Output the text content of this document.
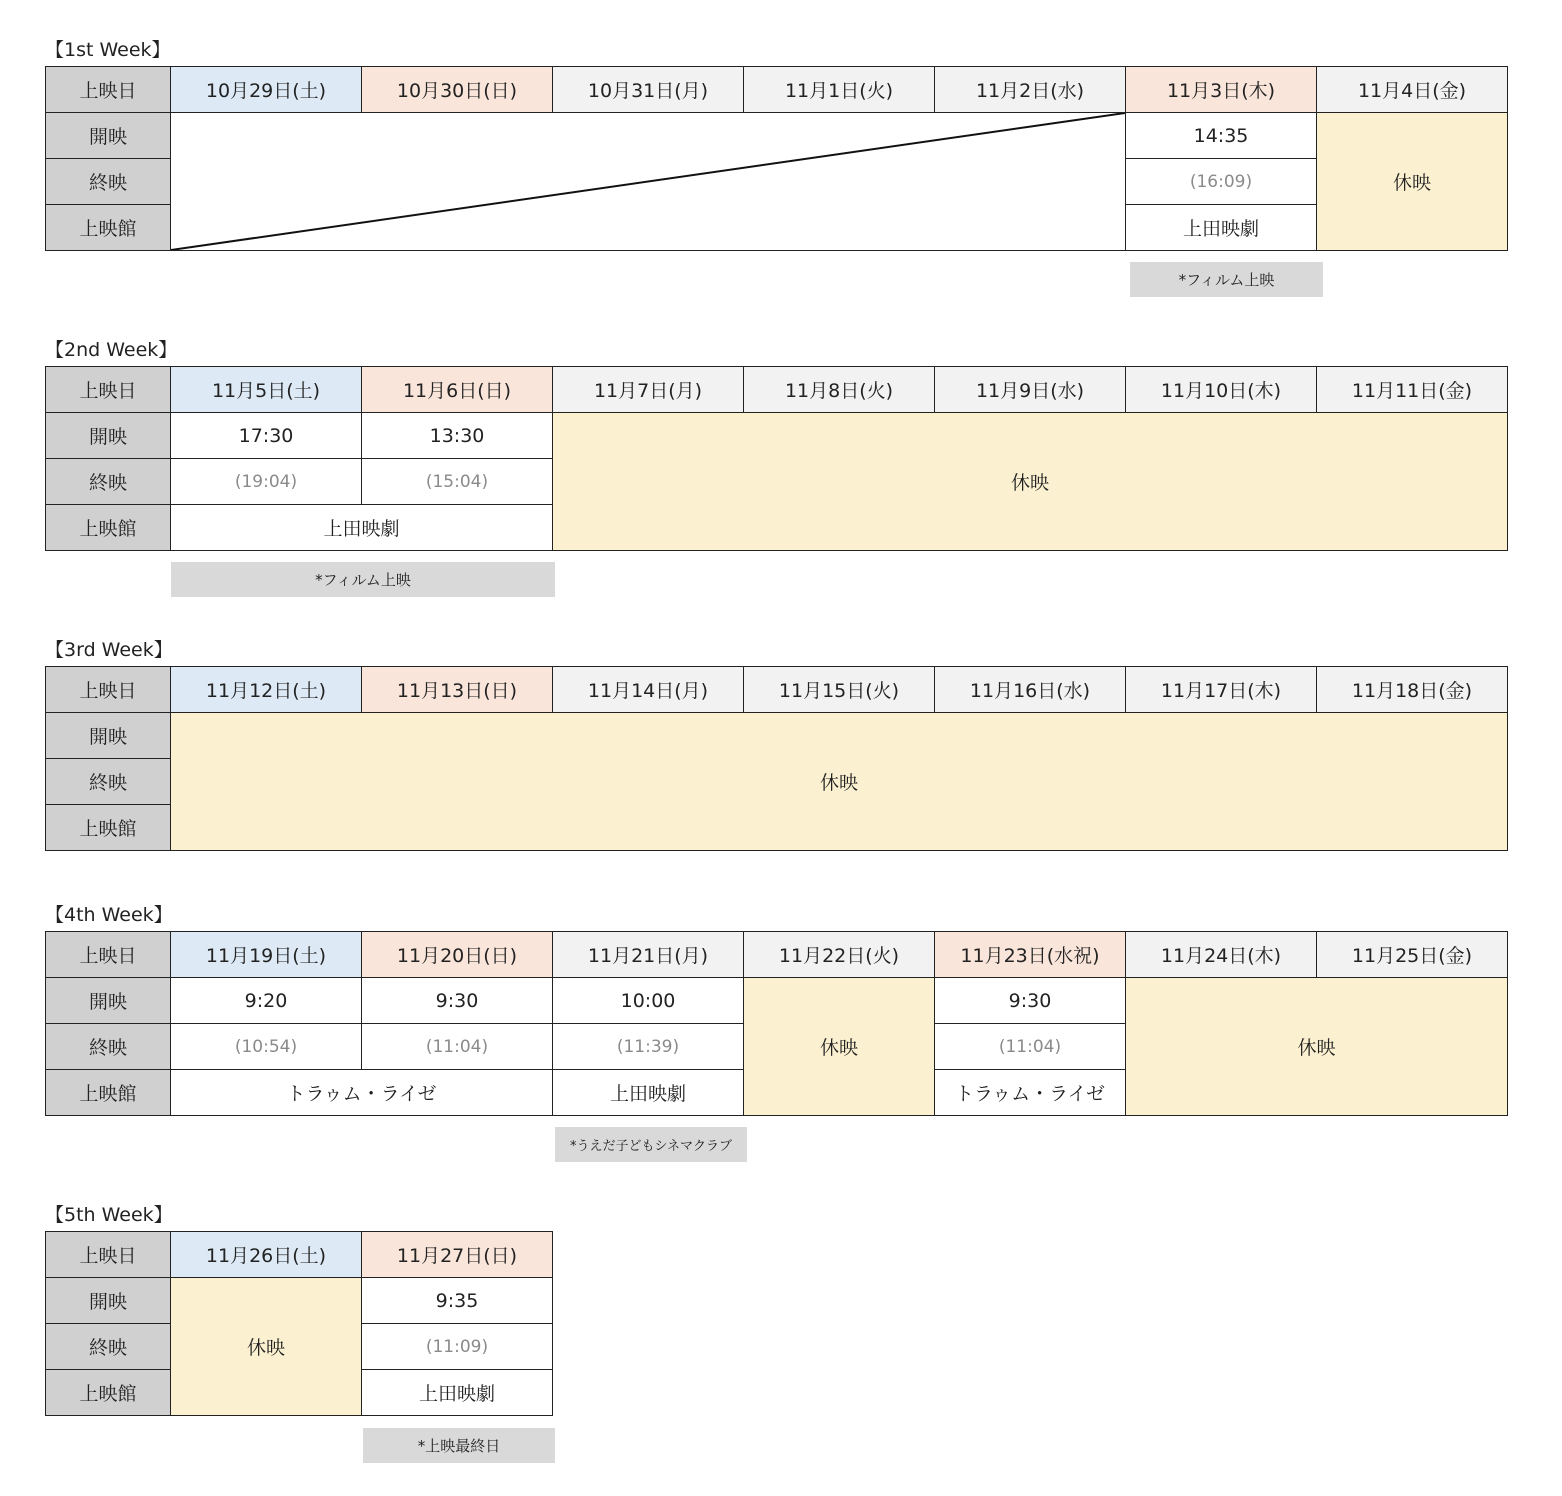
【1st Week】
上映日	10月29日(土)	10月30日(日)	10月31日(月)	11月1日(火)	11月2日(水)	11月3日(木)	11月4日(金)
開映						14:35	休映
終映						(16:09)	
上映館						上田映劇	
*フィルム上映
【2nd Week】
上映日	11月5日(土)	11月6日(日)	11月7日(月)	11月8日(火)	11月9日(水)	11月10日(木)	11月11日(金)
開映	17:30	13:30	休映				
終映	(19:04)	(15:04)					
上映館	上田映劇						
*フィルム上映
【3rd Week】
上映日	11月12日(土)	11月13日(日)	11月14日(月)	11月15日(火)	11月16日(水)	11月17日(木)	11月18日(金)
開映	休映						
終映							
上映館							
【4th Week】
上映日	11月19日(土)	11月20日(日)	11月21日(月)	11月22日(火)	11月23日(水祝)	11月24日(木)	11月25日(金)
開映	9:20	9:30	10:00	休映	9:30	休映	
終映	(10:54)	(11:04)	(11:39)		(11:04)		
上映館	トラゥム・ライゼ		上田映劇		トラゥム・ライゼ		
*うえだ子どもシネマクラブ
【5th Week】
上映日	11月26日(土)	11月27日(日)
開映	休映	9:35
終映		(11:09)
上映館		上田映劇
*上映最終日
